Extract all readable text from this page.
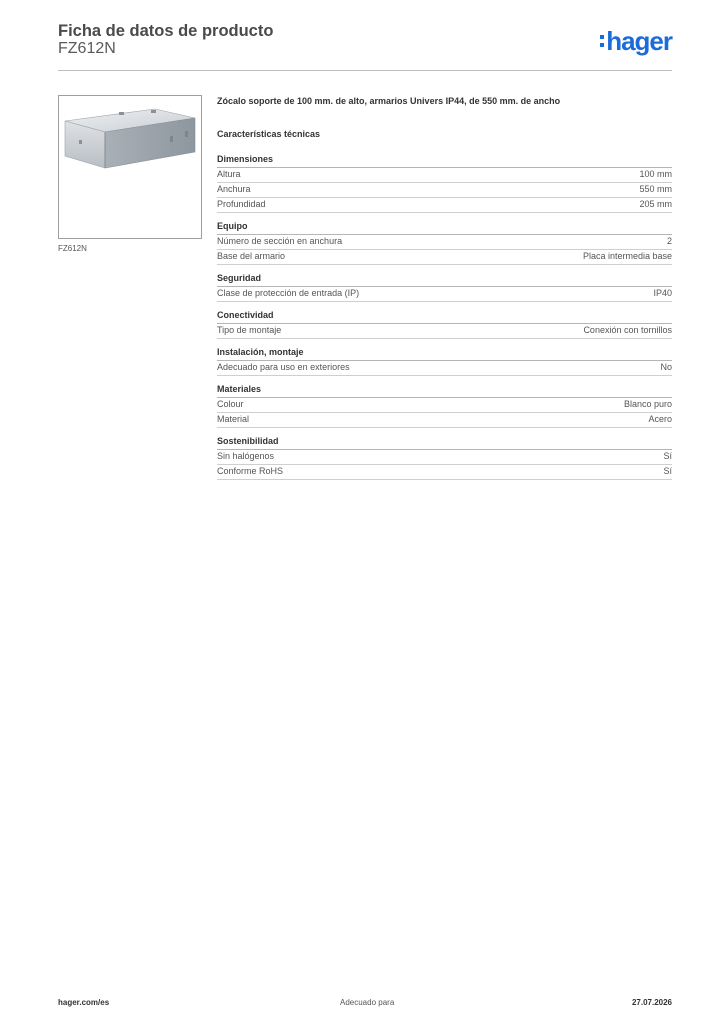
Ficha de datos de producto
FZ612N	hager
FZ612N
Zócalo soporte de 100 mm. de alto, armarios Univers IP44, de 550 mm. de ancho
Características técnicas
Dimensiones
Altura	100 mm
Anchura	550 mm
Profundidad	205 mm
Equipo
Número de sección en anchura	2
Base del armario	Placa intermedia base
Seguridad
Clase de protección de entrada (IP)	IP40
Conectividad
Tipo de montaje	Conexión con tornillos
Instalación, montaje
Adecuado para uso en exteriores	No
Materiales
Colour	Blanco puro
Material	Acero
Sostenibilidad
Sin halógenos	Sí
Conforme RoHS	Sí
hager.com/es	Adecuado para	27.07.2026
